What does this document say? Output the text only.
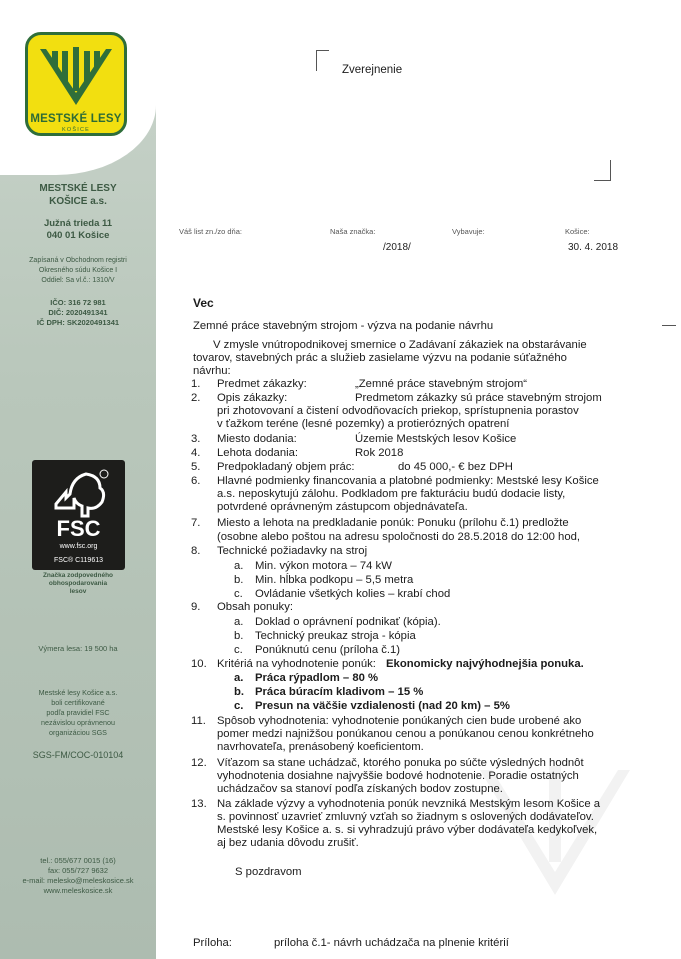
MESTSKÉ LESY
KOŠICE
MESTSKÉ LESY
KOŠICE a.s.
Južná trieda 11
040 01 Košice
Zapísaná v Obchodnom registri
Okresného súdu Košice I
Oddiel: Sa vl.č.: 1310/V
IČO: 316 72 981
DIČ: 2020491341
IČ DPH: SK2020491341
FSC
www.fsc.org
FSC® C119613
Značka zodpovedného
obhospodarovania
lesov
Výmera lesa: 19 500 ha
Mestské lesy Košice a.s.
boli certifikované
podľa pravidiel FSC
nezávislou oprávnenou
organizáciou SGS
SGS-FM/COC-010104
tel.: 055/677 0015 (16)
fax: 055/727 9632
e-mail: melesko@meleskosice.sk
www.meleskosice.sk
Zverejnenie
Váš list zn./zo dňa:	Naša značka:	Vybavuje:	Košice:
/2018/	30. 4. 2018
Vec
Zemné práce stavebným strojom - výzva na podanie návrhu
V zmysle vnútropodnikovej smernice o Zadávaní zákaziek na obstarávanie
tovarov, stavebných prác a služieb zasielame výzvu na podanie súťažného
návrhu:
1.	Predmet zákazky:	„Zemné práce stavebným strojom“
2.	Opis zákazky:	Predmetom zákazky sú práce stavebným strojom
pri zhotovovaní a čistení odvodňovacích priekop, sprístupnenia porastov
v ťažkom teréne (lesné pozemky) a protierózných opatrení
3.	Miesto dodania:	Územie Mestských lesov Košice
4.	Lehota dodania:	Rok 2018
5.	Predpokladaný objem prác:	do 45 000,- € bez DPH
6.	Hlavné podmienky financovania a platobné podmienky: Mestské lesy Košice
a.s. neposkytujú zálohu. Podkladom pre fakturáciu budú dodacie listy,
potvrdené oprávneným zástupcom objednávateľa.
7.	Miesto a lehota na predkladanie ponúk: Ponuku (prílohu č.1) predložte
(osobne alebo poštou na adresu spoločnosti do 28.5.2018 do 12:00 hod,
8.	Technické požiadavky na stroj
a. Min. výkon motora – 74 kW
b. Min. hĺbka podkopu – 5,5 metra
c. Ovládanie všetkých kolies – krabí chod
9.	Obsah ponuky:
a. Doklad o oprávnení podnikať (kópia).
b. Technický preukaz stroja - kópia
c. Ponúknutú cenu (príloha č.1)
10. Kritériá na vyhodnotenie ponúk: Ekonomicky najvýhodnejšia ponuka.
a. Práca rýpadlom – 80 %
b. Práca búracím kladivom – 15 %
c. Presun na väčšie vzdialenosti (nad 20 km) – 5%
11. Spôsob vyhodnotenia: vyhodnotenie ponúkaných cien bude urobené ako
pomer medzi najnižšou ponúkanou cenou a ponúkanou cenou konkrétneho
navrhovateľa, prenásobený koeficientom.
12. Víťazom sa stane uchádzač, ktorého ponuka po súčte výsledných hodnôt
vyhodnotenia dosiahne najvyššie bodové hodnotenie. Poradie ostatných
uchádzačov sa stanoví podľa získaných bodov zostupne.
13. Na základe výzvy a vyhodnotenia ponúk nevzniká Mestským lesom Košice a
s. povinnosť uzavrieť zmluvný vzťah so žiadnym s oslovených dodávateľov.
Mestské lesy Košice a. s. si vyhradzujú právo výber dodávateľa kedykoľvek,
aj bez udania dôvodu zrušiť.
S pozdravom
Príloha:	príloha č.1- návrh uchádzača na plnenie kritérií
